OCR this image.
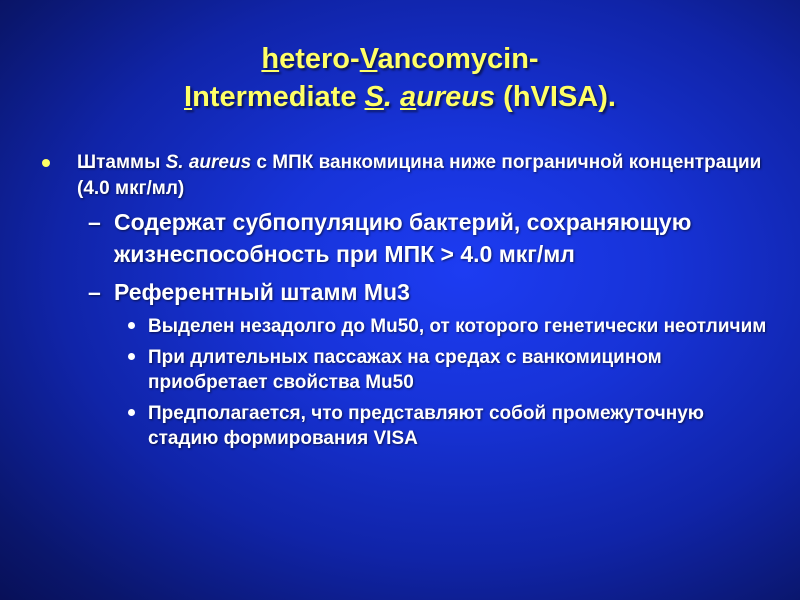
hetero-Vancomycin-
Intermediate S. aureus (hVISA).
Штаммы S. aureus с МПК ванкомицина ниже пограничной концентрации (4.0 мкг/мл)
– Содержат субпопуляцию бактерий, сохраняющую жизнеспособность при МПК > 4.0 мкг/мл
– Референтный штамм Mu3
Выделен незадолго до Mu50, от которого генетически неотличим
При длительных пассажах на средах с ванкомицином приобретает свойства Mu50
Предполагается, что представляют собой промежуточную стадию формирования VISA
